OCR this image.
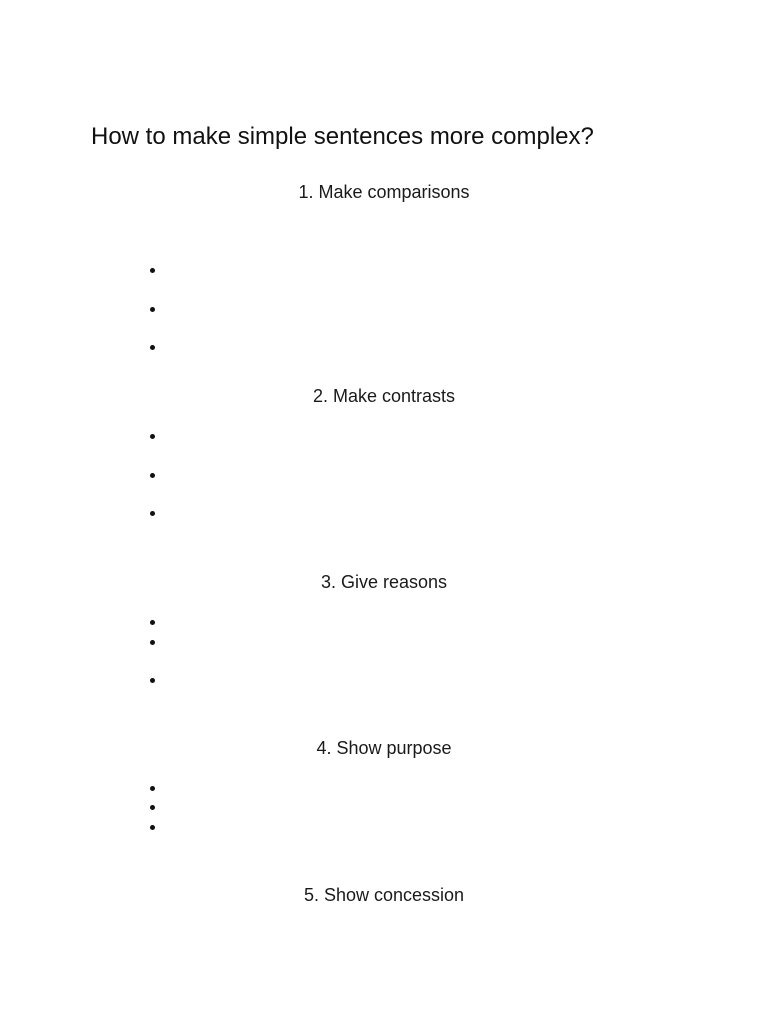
How to make simple sentences more complex?
1. Make comparisons
2. Make contrasts
3. Give reasons
4. Show purpose
5. Show concession
